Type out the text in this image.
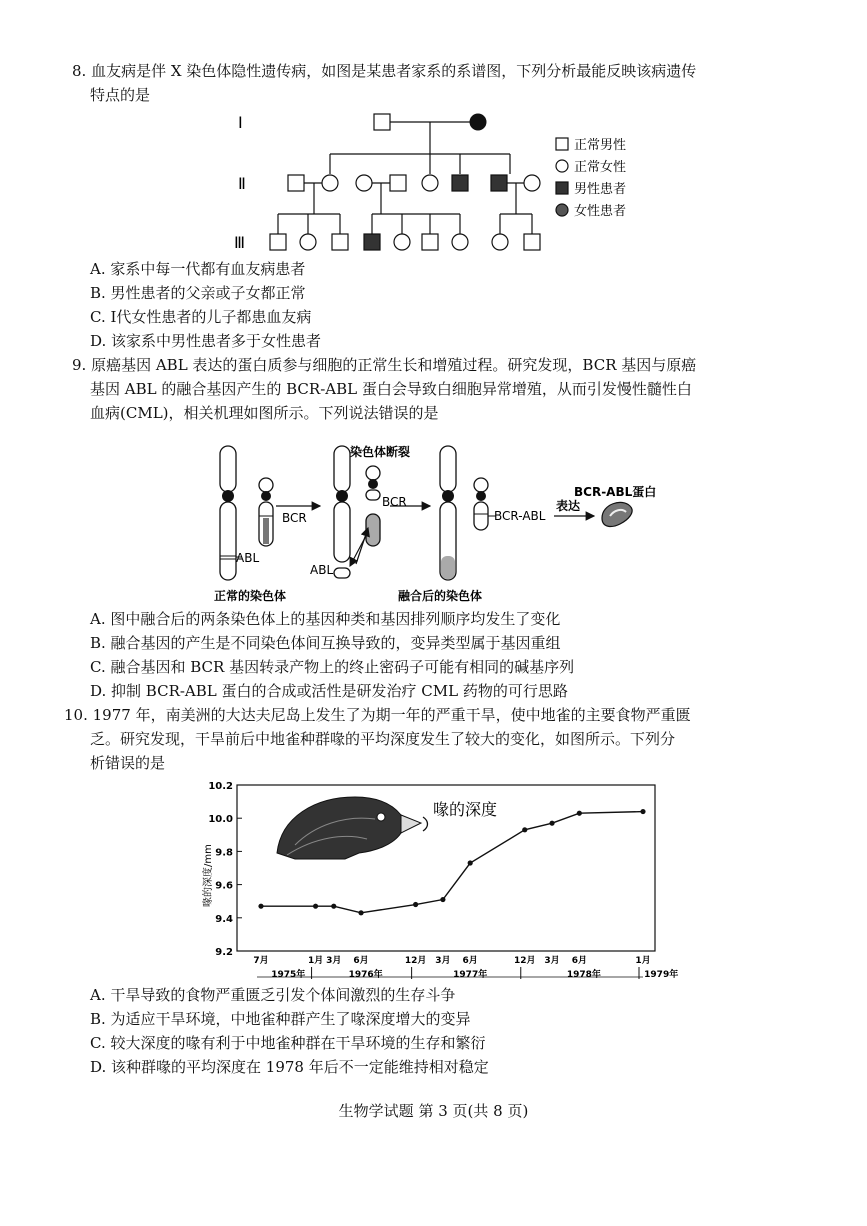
8. 血友病是伴 X 染色体隐性遗传病，如图是某患者家系的系谱图，下列分析最能反映该病遗传
特点的是
Ⅰ
Ⅱ
Ⅲ
正常男性
正常女性
男性患者
女性患者
A. 家系中每一代都有血友病患者
B. 男性患者的父亲或子女都正常
C. Ⅰ代女性患者的儿子都患血友病
D. 该家系中男性患者多于女性患者
9. 原癌基因 ABL 表达的蛋白质参与细胞的正常生长和增殖过程。研究发现，BCR 基因与原癌
基因 ABL 的融合基因产生的 BCR-ABL 蛋白会导致白细胞异常增殖，从而引发慢性髓性白
血病(CML)，相关机理如图所示。下列说法错误的是
染色体断裂
BCR
BCR
ABL
ABL
BCR-ABL
表达
BCR-ABL蛋白
正常的染色体	融合后的染色体
A. 图中融合后的两条染色体上的基因种类和基因排列顺序均发生了变化
B. 融合基因的产生是不同染色体间互换导致的，变异类型属于基因重组
C. 融合基因和 BCR 基因转录产物上的终止密码子可能有相同的碱基序列
D. 抑制 BCR-ABL 蛋白的合成或活性是研发治疗 CML 药物的可行思路
10. 1977 年，南美洲的大达夫尼岛上发生了为期一年的严重干旱，使中地雀的主要食物严重匮
乏。研究发现，干旱前后中地雀种群喙的平均深度发生了较大的变化，如图所示。下列分
析错误的是
喙的深度
喙的深度/mm
9.2
9.4
9.6
9.8
10.0
10.2
7月	1月 3月 6月	12月 3月 6月	12月 3月 6月	1月
1975年	1976年	1977年	1978年	1979年
A. 干旱导致的食物严重匮乏引发个体间激烈的生存斗争
B. 为适应干旱环境，中地雀种群产生了喙深度增大的变异
C. 较大深度的喙有利于中地雀种群在干旱环境的生存和繁衍
D. 该种群喙的平均深度在 1978 年后不一定能维持相对稳定
生物学试题 第 3 页(共 8 页)
